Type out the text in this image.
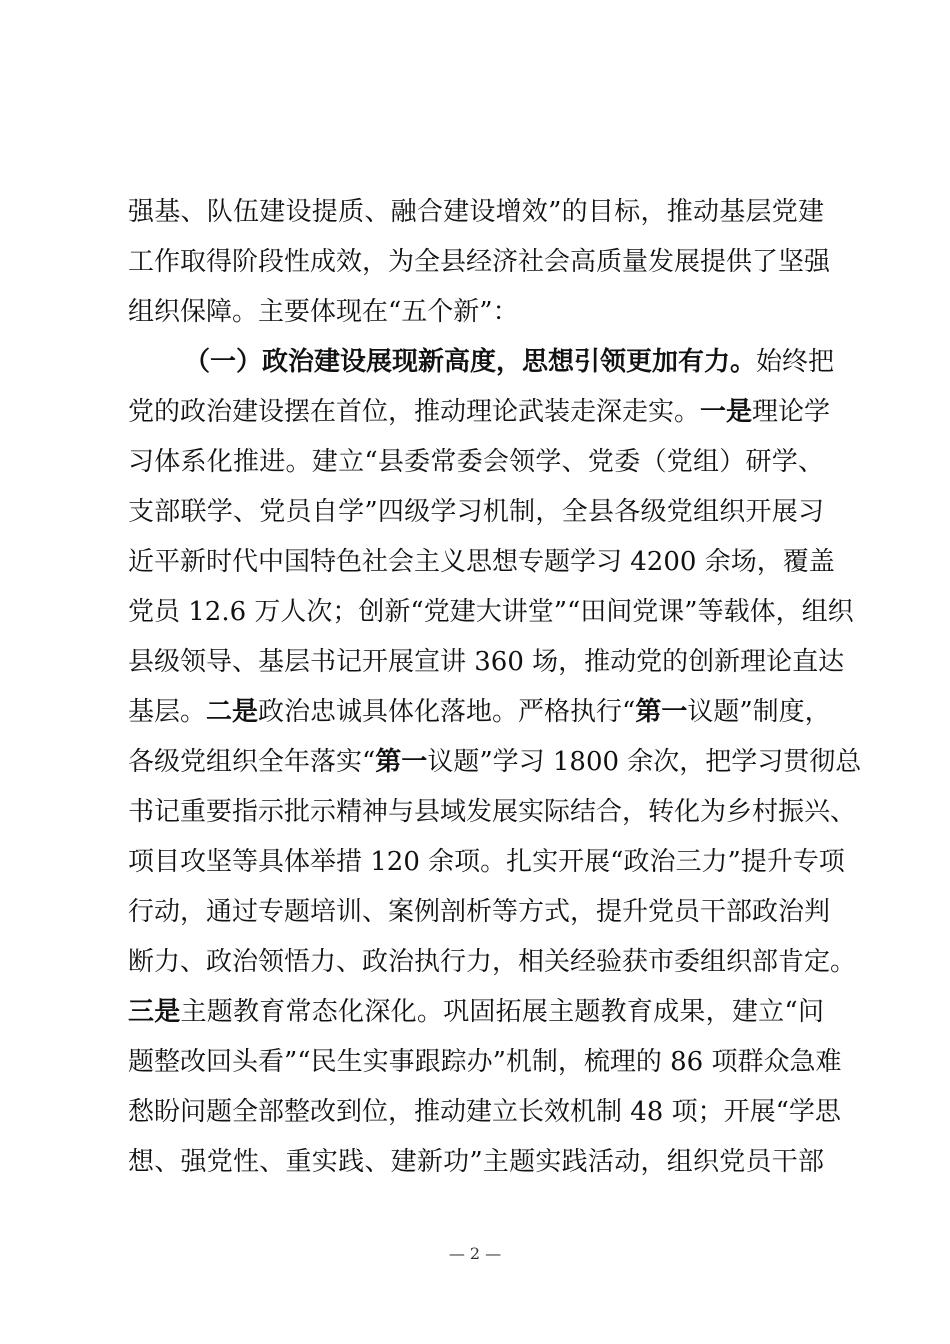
强基、队伍建设提质、融合建设增效”的目标，推动基层党建
工作取得阶段性成效，为全县经济社会高质量发展提供了坚强
组织保障。主要体现在“五个新”：
（一）政治建设展现新高度，思想引领更加有力。始终把
党的政治建设摆在首位，推动理论武装走深走实。一是理论学
习体系化推进。建立“县委常委会领学、党委（党组）研学、
支部联学、党员自学”四级学习机制，全县各级党组织开展习
近平新时代中国特色社会主义思想专题学习 4200 余场，覆盖
党员 12.6 万人次；创新“党建大讲堂”“田间党课”等载体，组织
县级领导、基层书记开展宣讲 360 场，推动党的创新理论直达
基层。二是政治忠诚具体化落地。严格执行“第一议题”制度，
各级党组织全年落实“第一议题”学习 1800 余次，把学习贯彻总
书记重要指示批示精神与县域发展实际结合，转化为乡村振兴、
项目攻坚等具体举措 120 余项。扎实开展“政治三力”提升专项
行动，通过专题培训、案例剖析等方式，提升党员干部政治判
断力、政治领悟力、政治执行力，相关经验获市委组织部肯定。
三是主题教育常态化深化。巩固拓展主题教育成果，建立“问
题整改回头看”“民生实事跟踪办”机制，梳理的 86 项群众急难
愁盼问题全部整改到位，推动建立长效机制 48 项；开展“学思
想、强党性、重实践、建新功”主题实践活动，组织党员干部
— 2 —
